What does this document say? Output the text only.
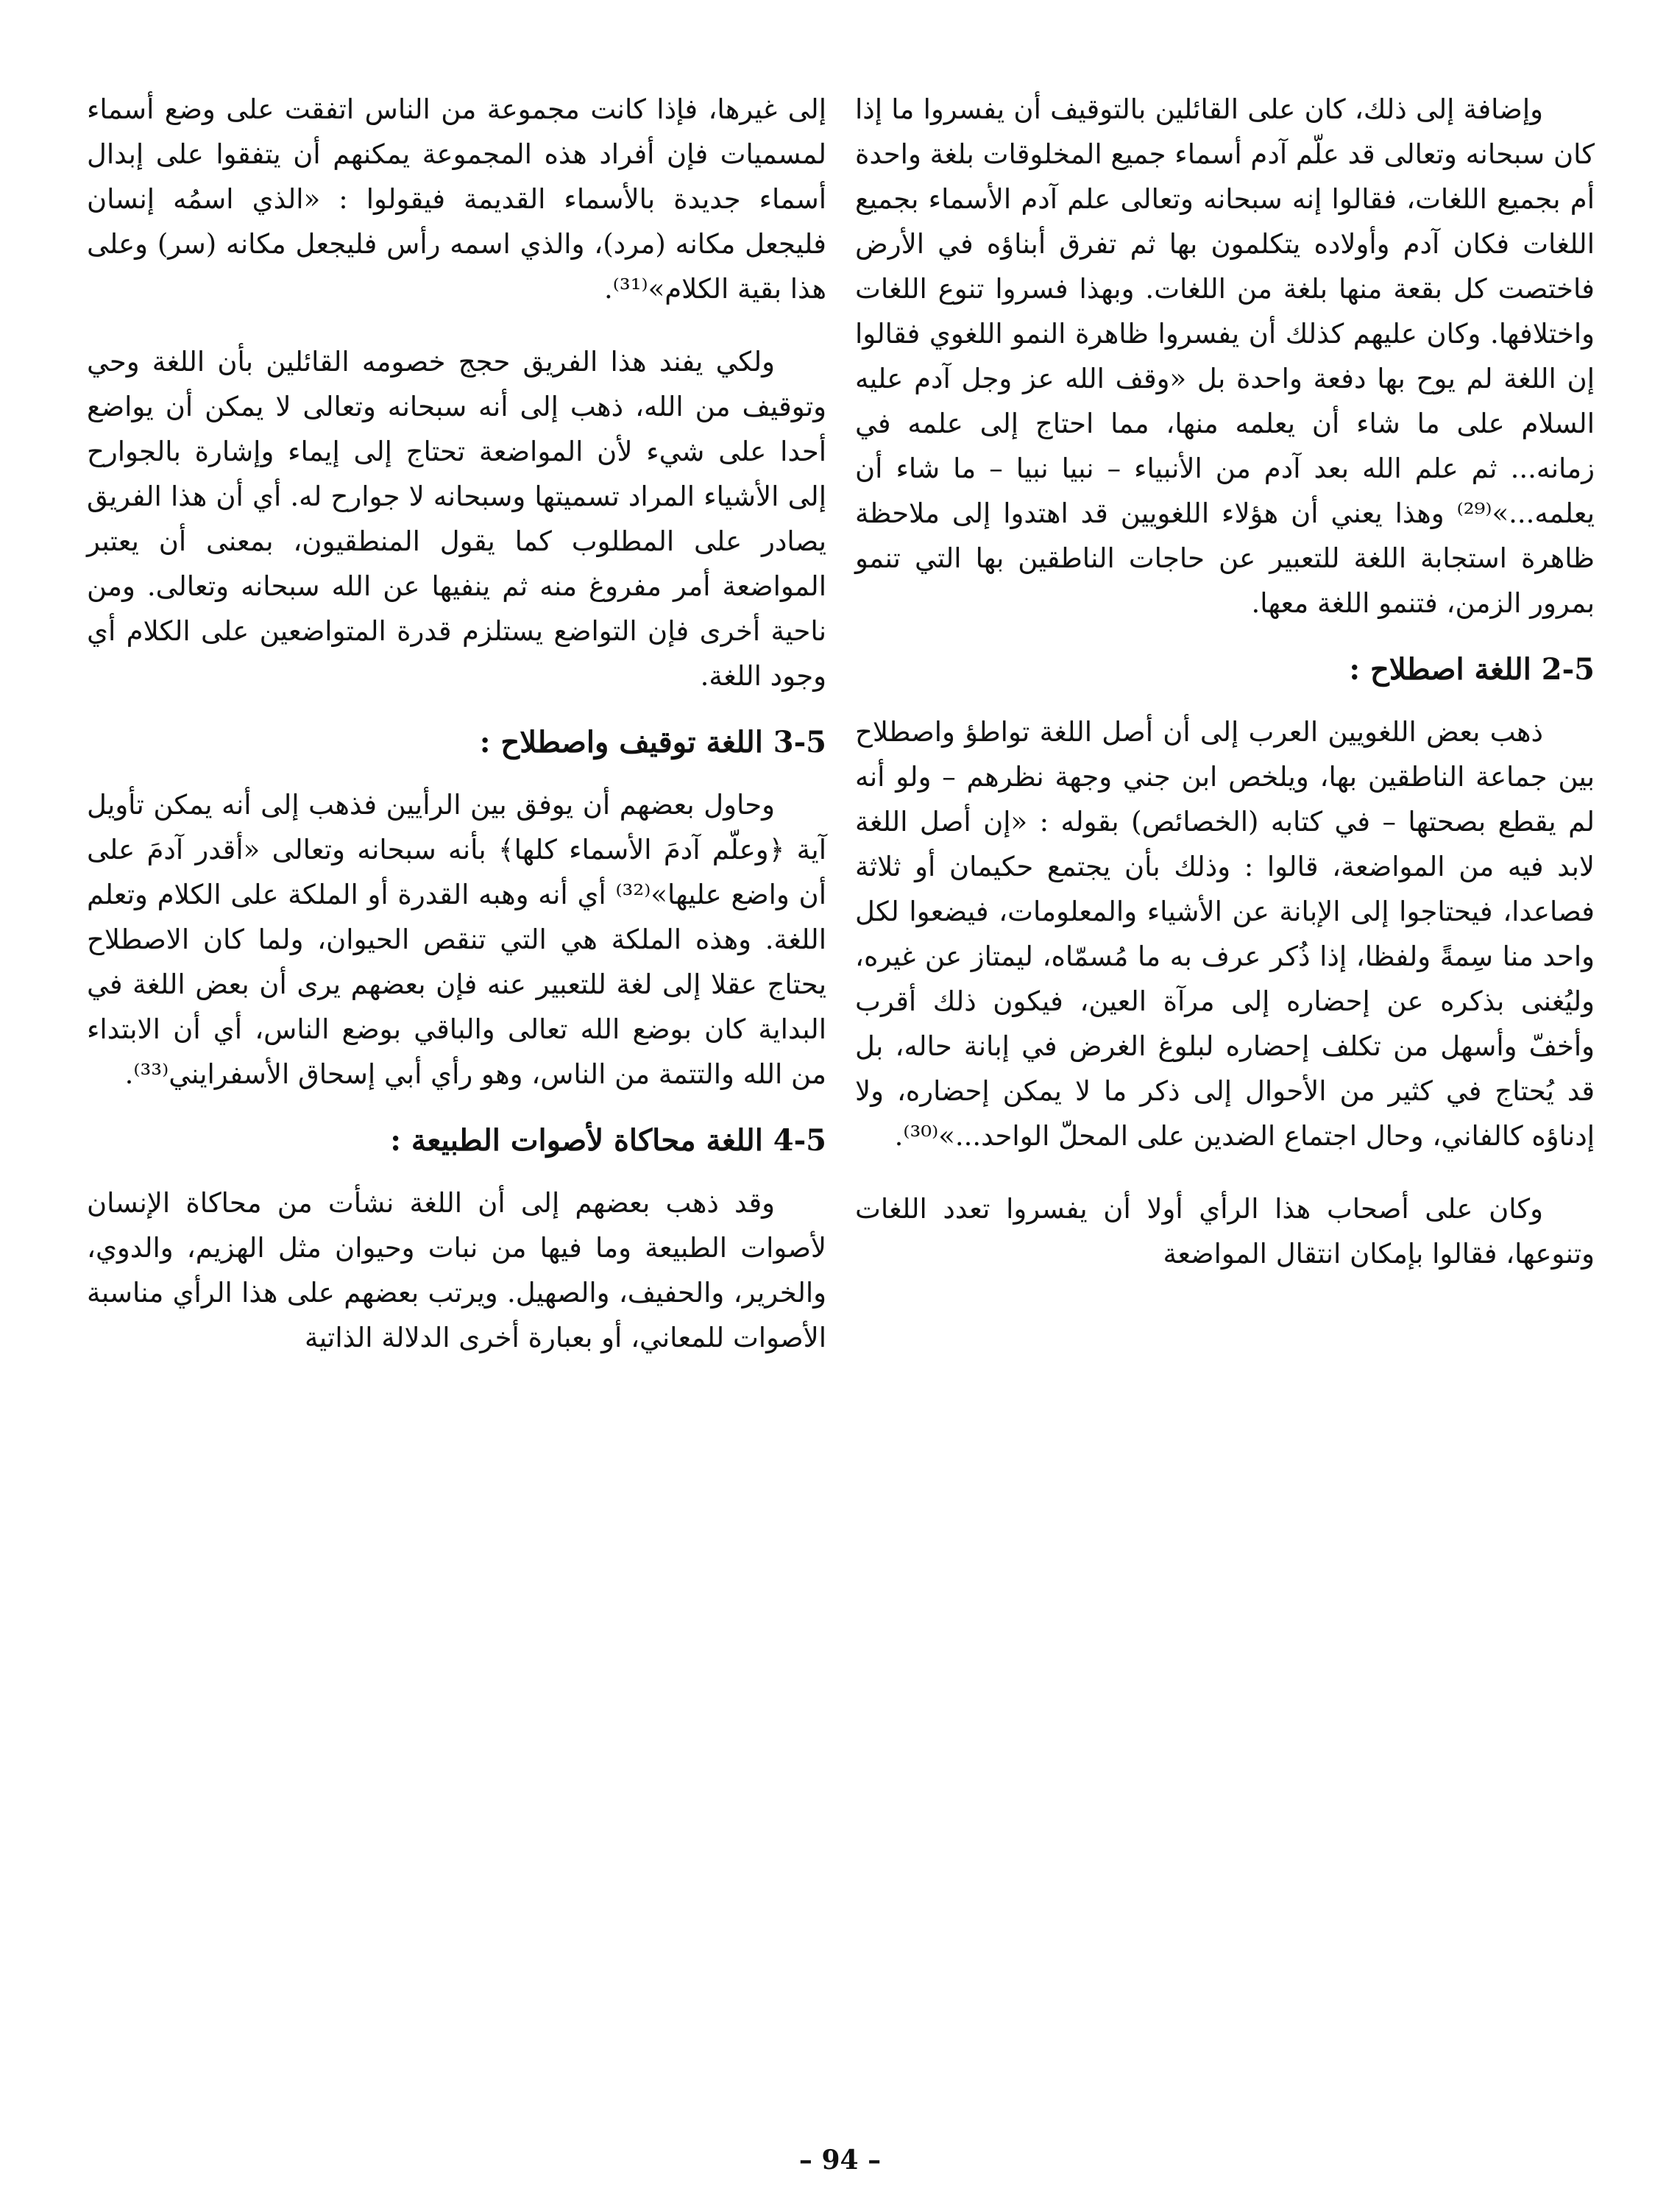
وإضافة إلى ذلك، كان على القائلين بالتوقيف أن يفسروا ما إذا كان سبحانه وتعالى قد علّم آدم أسماء جميع المخلوقات بلغة واحدة أم بجميع اللغات، فقالوا إنه سبحانه وتعالى علم آدم الأسماء بجميع اللغات فكان آدم وأولاده يتكلمون بها ثم تفرق أبناؤه في الأرض فاختصت كل بقعة منها بلغة من اللغات. وبهذا فسروا تنوع اللغات واختلافها. وكان عليهم كذلك أن يفسروا ظاهرة النمو اللغوي فقالوا إن اللغة لم يوح بها دفعة واحدة بل «وقف الله عز وجل آدم عليه السلام على ما شاء أن يعلمه منها، مما احتاج إلى علمه في زمانه... ثم علم الله بعد آدم من الأنبياء – نبيا نبيا – ما شاء أن يعلمه...»⁽²⁹⁾ وهذا يعني أن هؤلاء اللغويين قد اهتدوا إلى ملاحظة ظاهرة استجابة اللغة للتعبير عن حاجات الناطقين بها التي تنمو بمرور الزمن، فتنمو اللغة معها.

2-5 اللغة اصطلاح :

ذهب بعض اللغويين العرب إلى أن أصل اللغة تواطؤ واصطلاح بين جماعة الناطقين بها، ويلخص ابن جني وجهة نظرهم – ولو أنه لم يقطع بصحتها – في كتابه (الخصائص) بقوله : «إن أصل اللغة لابد فيه من المواضعة، قالوا : وذلك بأن يجتمع حكيمان أو ثلاثة فصاعدا، فيحتاجوا إلى الإبانة عن الأشياء والمعلومات، فيضعوا لكل واحد منا سِمةً ولفظا، إذا ذُكر عرف به ما مُسمّاه، ليمتاز عن غيره، وليُغنى بذكره عن إحضاره إلى مرآة العين، فيكون ذلك أقرب وأخفّ وأسهل من تكلف إحضاره لبلوغ الغرض في إبانة حاله، بل قد يُحتاج في كثير من الأحوال إلى ذكر ما لا يمكن إحضاره، ولا إدناؤه كالفاني، وحال اجتماع الضدين على المحلّ الواحد...»⁽³⁰⁾.

وكان على أصحاب هذا الرأي أولا أن يفسروا تعدد اللغات وتنوعها، فقالوا بإمكان انتقال المواضعة

إلى غيرها، فإذا كانت مجموعة من الناس اتفقت على وضع أسماء لمسميات فإن أفراد هذه المجموعة يمكنهم أن يتفقوا على إبدال أسماء جديدة بالأسماء القديمة فيقولوا : «الذي اسمُه إنسان فليجعل مكانه (مرد)، والذي اسمه رأس فليجعل مكانه (سر) وعلى هذا بقية الكلام»⁽³¹⁾.

ولكي يفند هذا الفريق حجج خصومه القائلين بأن اللغة وحي وتوقيف من الله، ذهب إلى أنه سبحانه وتعالى لا يمكن أن يواضع أحدا على شيء لأن المواضعة تحتاج إلى إيماء وإشارة بالجوارح إلى الأشياء المراد تسميتها وسبحانه لا جوارح له. أي أن هذا الفريق يصادر على المطلوب كما يقول المنطقيون، بمعنى أن يعتبر المواضعة أمر مفروغ منه ثم ينفيها عن الله سبحانه وتعالى. ومن ناحية أخرى فإن التواضع يستلزم قدرة المتواضعين على الكلام أي وجود اللغة.

3-5 اللغة توقيف واصطلاح :

وحاول بعضهم أن يوفق بين الرأيين فذهب إلى أنه يمكن تأويل آية ﴿وعلّم آدمَ الأسماء كلها﴾ بأنه سبحانه وتعالى «أقدر آدمَ على أن واضع عليها»⁽³²⁾ أي أنه وهبه القدرة أو الملكة على الكلام وتعلم اللغة. وهذه الملكة هي التي تنقص الحيوان، ولما كان الاصطلاح يحتاج عقلا إلى لغة للتعبير عنه فإن بعضهم يرى أن بعض اللغة في البداية كان بوضع الله تعالى والباقي بوضع الناس، أي أن الابتداء من الله والتتمة من الناس، وهو رأي أبي إسحاق الأسفرايني⁽³³⁾.

4-5 اللغة محاكاة لأصوات الطبيعة :

وقد ذهب بعضهم إلى أن اللغة نشأت من محاكاة الإنسان لأصوات الطبيعة وما فيها من نبات وحيوان مثل الهزيم، والدوي، والخرير، والحفيف، والصهيل. ويرتب بعضهم على هذا الرأي مناسبة الأصوات للمعاني، أو بعبارة أخرى الدلالة الذاتية

– 94 –
